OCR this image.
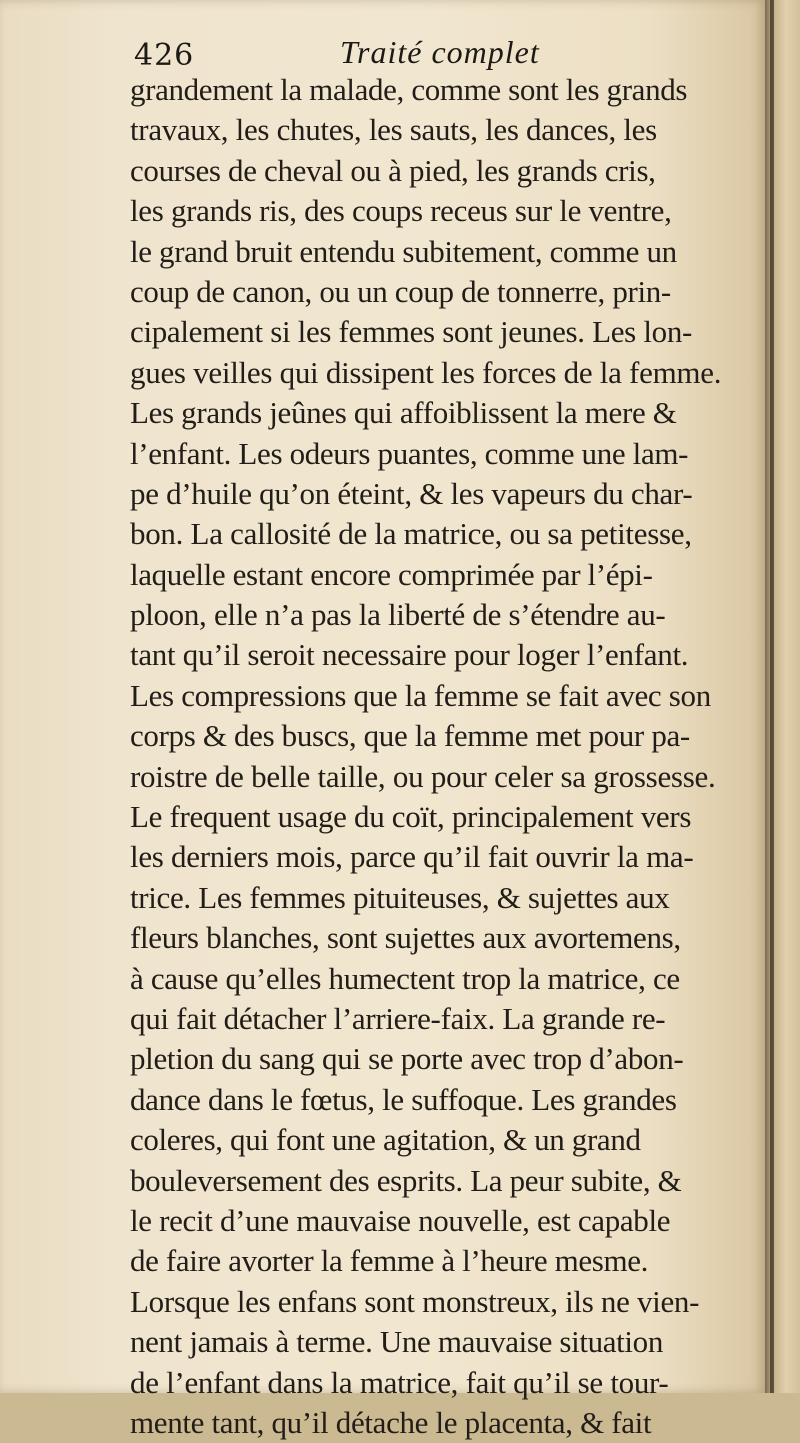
426	Traité complet
grandement la malade, comme sont les grands
travaux, les chutes, les sauts, les dances, les
courses de cheval ou à pied, les grands cris,
les grands ris, des coups receus sur le ventre,
le grand bruit entendu subitement, comme un
coup de canon, ou un coup de tonnerre, prin-
cipalement si les femmes sont jeunes. Les lon-
gues veilles qui dissipent les forces de la femme.
Les grands jeûnes qui affoiblissent la mere &
l’enfant. Les odeurs puantes, comme une lam-
pe d’huile qu’on éteint, & les vapeurs du char-
bon. La callosité de la matrice, ou sa petitesse,
laquelle estant encore comprimée par l’épi-
ploon, elle n’a pas la liberté de s’étendre au-
tant qu’il seroit necessaire pour loger l’enfant.
Les compressions que la femme se fait avec son
corps & des buscs, que la femme met pour pa-
roistre de belle taille, ou pour celer sa grossesse.
Le frequent usage du coït, principalement vers
les derniers mois, parce qu’il fait ouvrir la ma-
trice. Les femmes pituiteuses, & sujettes aux
fleurs blanches, sont sujettes aux avortemens,
à cause qu’elles humectent trop la matrice, ce
qui fait détacher l’arriere-faix. La grande re-
pletion du sang qui se porte avec trop d’abon-
dance dans le fœtus, le suffoque. Les grandes
coleres, qui font une agitation, & un grand
bouleversement des esprits. La peur subite, &
le recit d’une mauvaise nouvelle, est capable
de faire avorter la femme à l’heure mesme.
Lorsque les enfans sont monstreux, ils ne vien-
nent jamais à terme. Une mauvaise situation
de l’enfant dans la matrice, fait qu’il se tour-
mente tant, qu’il détache le placenta, & fait
